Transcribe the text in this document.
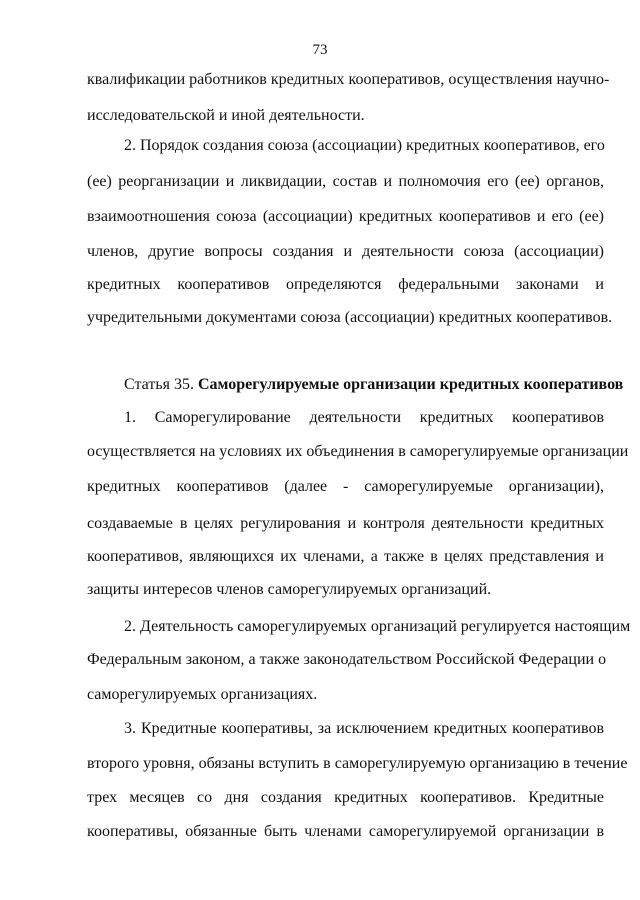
73
квалификации работников кредитных кооперативов, осуществления научно-
исследовательской и иной деятельности.
2. Порядок создания союза (ассоциации) кредитных кооперативов, его
(ее) реорганизации и ликвидации, состав и полномочия его (ее) органов,
взаимоотношения союза (ассоциации) кредитных кооперативов и его (ее)
членов, другие вопросы создания и деятельности союза (ассоциации)
кредитных кооперативов определяются федеральными законами и
учредительными документами союза (ассоциации) кредитных кооперативов.
Статья 35. Саморегулируемые организации кредитных кооперативов
1. Саморегулирование деятельности кредитных кооперативов
осуществляется на условиях их объединения в саморегулируемые организации
кредитных кооперативов (далее - саморегулируемые организации),
создаваемые в целях регулирования и контроля деятельности кредитных
кооперативов, являющихся их членами, а также в целях представления и
защиты интересов членов саморегулируемых организаций.
2. Деятельность саморегулируемых организаций регулируется настоящим
Федеральным законом, а также законодательством Российской Федерации о
саморегулируемых организациях.
3. Кредитные кооперативы, за исключением кредитных кооперативов
второго уровня, обязаны вступить в саморегулируемую организацию в течение
трех месяцев со дня создания кредитных кооперативов. Кредитные
кооперативы, обязанные быть членами саморегулируемой организации в
